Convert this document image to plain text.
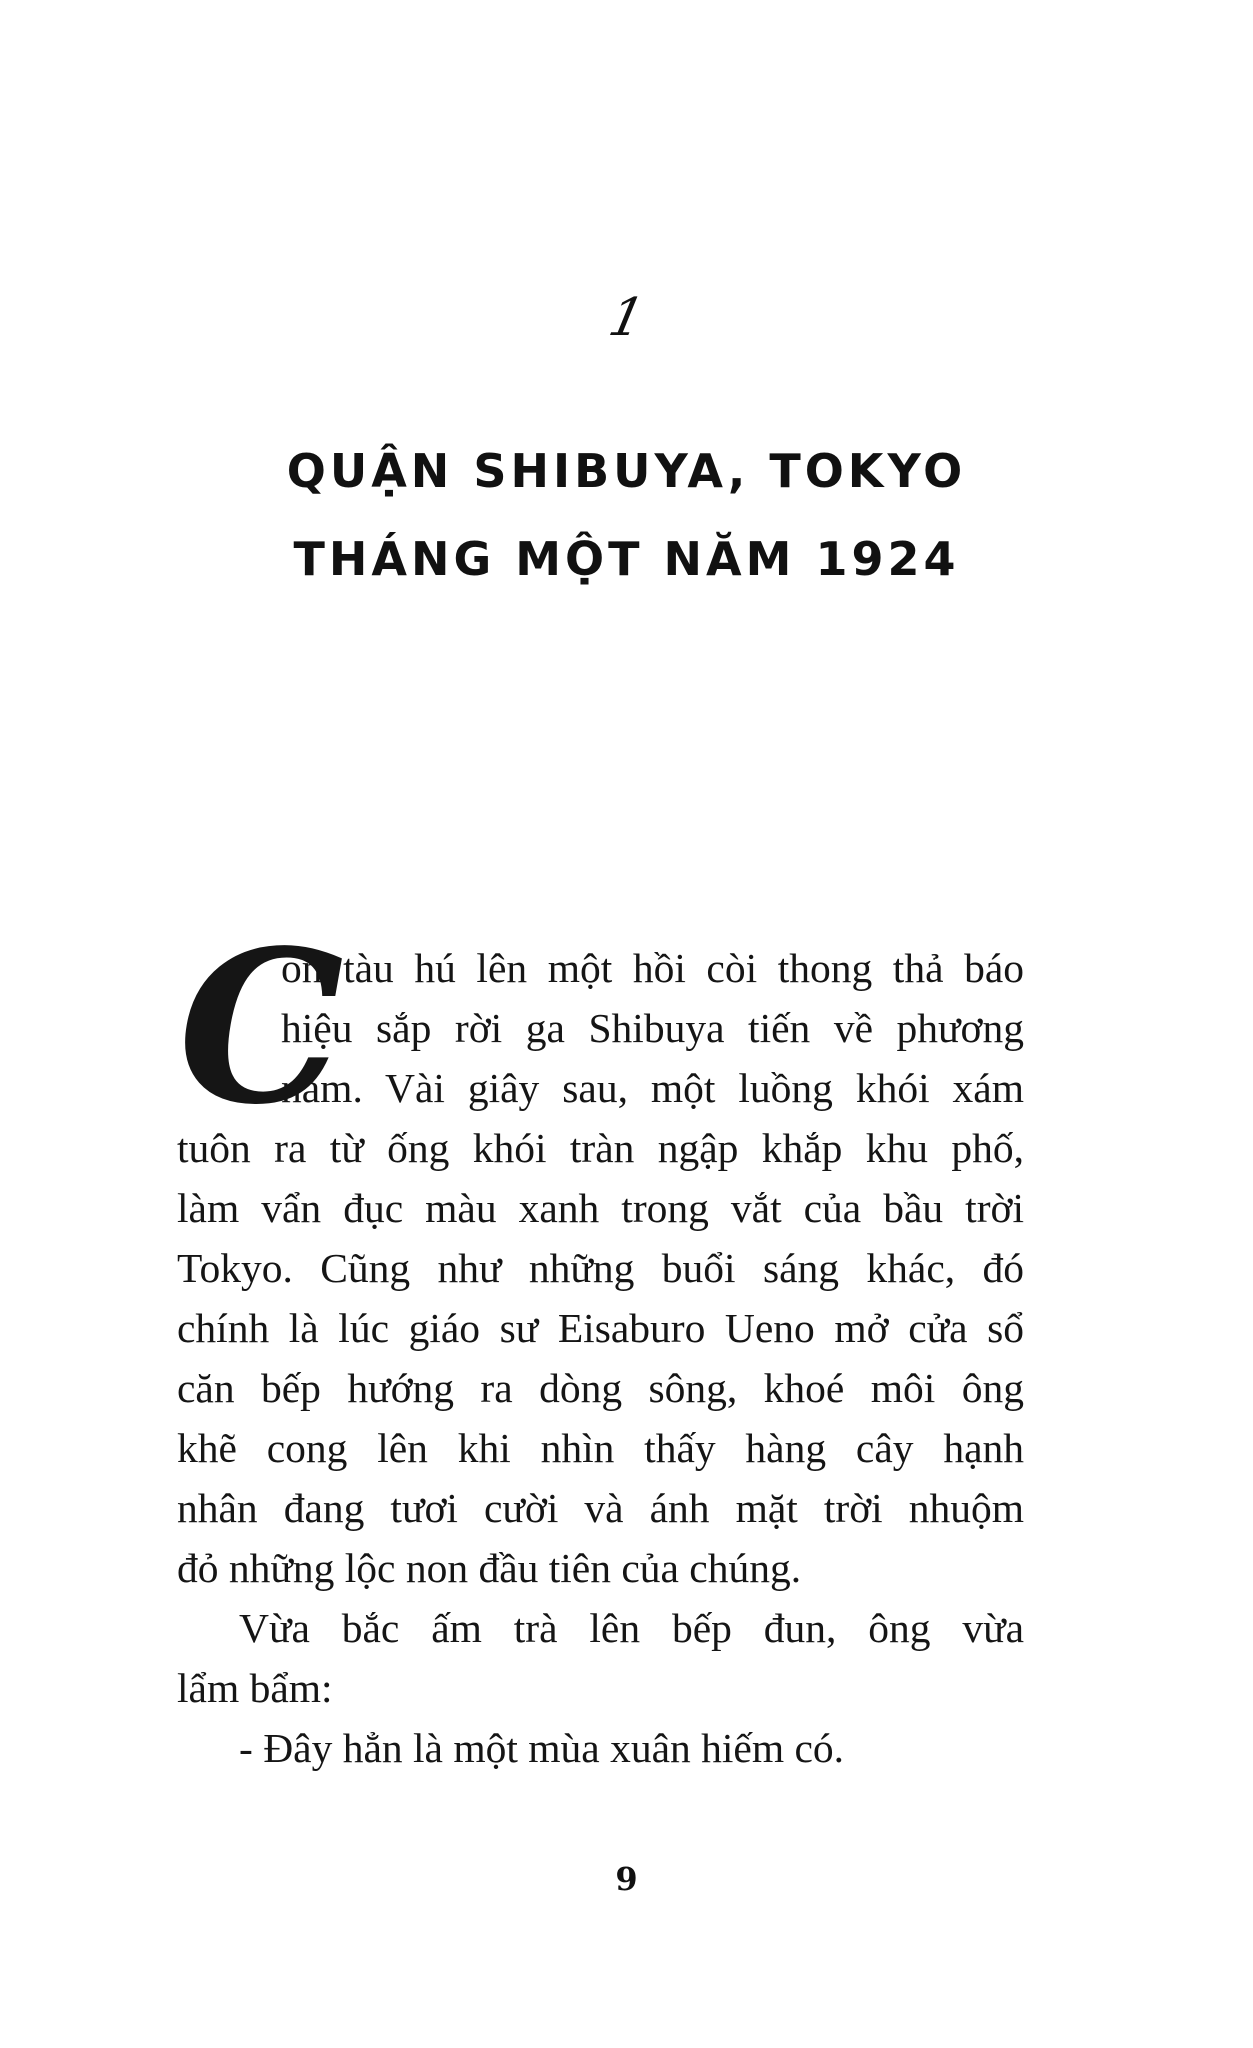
1
QUẬN SHIBUYA, TOKYO
THÁNG MỘT NĂM 1924
C
on tàu hú lên một hồi còi thong thả báo
hiệu sắp rời ga Shibuya tiến về phương
nam. Vài giây sau, một luồng khói xám
tuôn ra từ ống khói tràn ngập khắp khu phố,
làm vẩn đục màu xanh trong vắt của bầu trời
Tokyo. Cũng như những buổi sáng khác, đó
chính là lúc giáo sư Eisaburo Ueno mở cửa sổ
căn bếp hướng ra dòng sông, khoé môi ông
khẽ cong lên khi nhìn thấy hàng cây hạnh
nhân đang tươi cười và ánh mặt trời nhuộm
đỏ những lộc non đầu tiên của chúng.
Vừa bắc ấm trà lên bếp đun, ông vừa
lẩm bẩm:
- Đây hẳn là một mùa xuân hiếm có.
9
